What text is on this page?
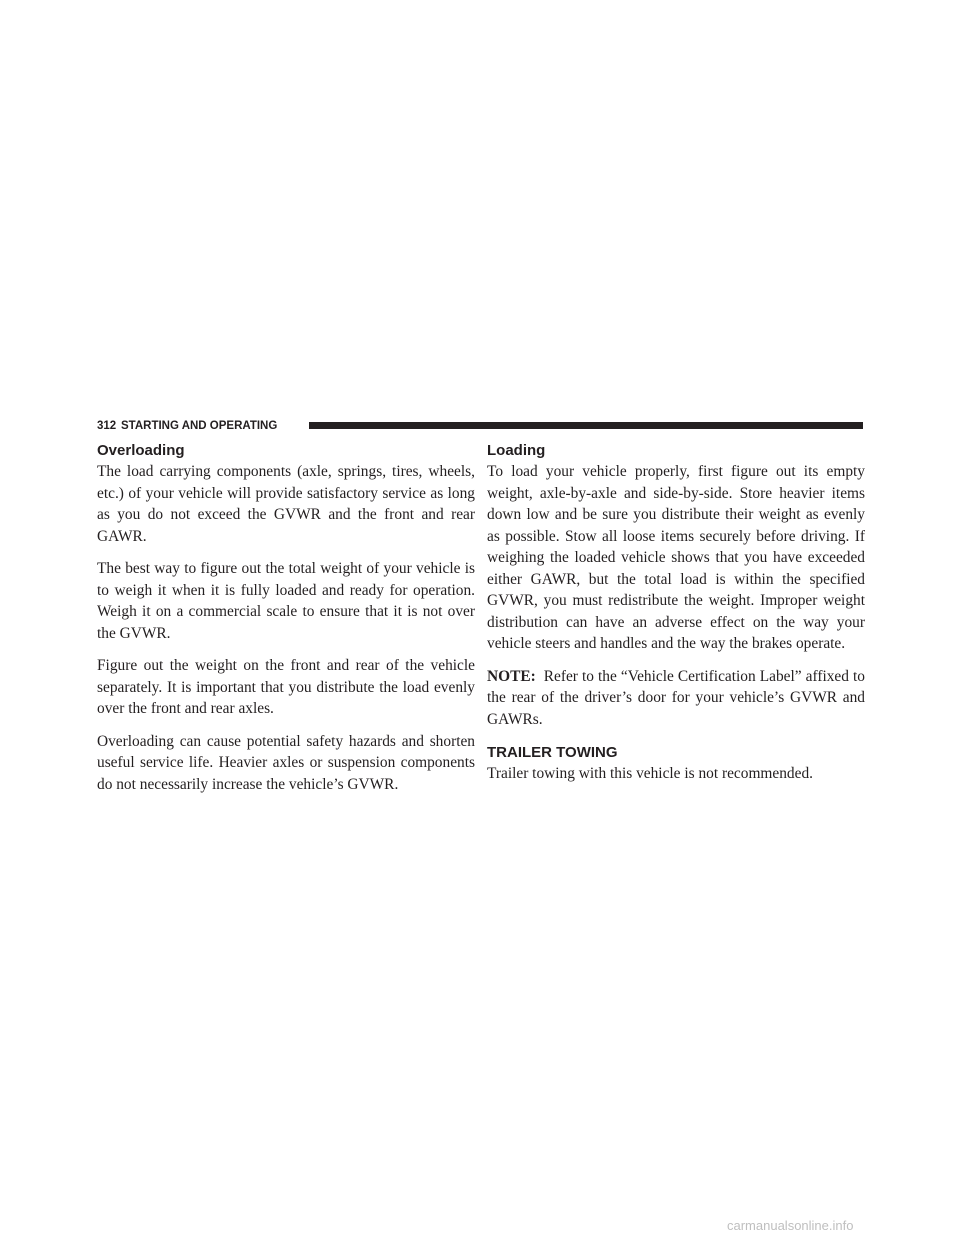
312 STARTING AND OPERATING
Overloading

The load carrying components (axle, springs, tires, wheels, etc.) of your vehicle will provide satisfactory service as long as you do not exceed the GVWR and the front and rear GAWR.

The best way to figure out the total weight of your vehicle is to weigh it when it is fully loaded and ready for operation. Weigh it on a commercial scale to ensure that it is not over the GVWR.

Figure out the weight on the front and rear of the vehicle separately. It is important that you distribute the load evenly over the front and rear axles.

Overloading can cause potential safety hazards and shorten useful service life. Heavier axles or suspension components do not necessarily increase the vehicle’s GVWR.

Loading

To load your vehicle properly, first figure out its empty weight, axle-by-axle and side-by-side. Store heavier items down low and be sure you distribute their weight as evenly as possible. Stow all loose items securely before driving. If weighing the loaded vehicle shows that you have exceeded either GAWR, but the total load is within the specified GVWR, you must redistribute the weight. Improper weight distribution can have an adverse effect on the way your vehicle steers and handles and the way the brakes operate.

NOTE: Refer to the “Vehicle Certification Label” affixed to the rear of the driver’s door for your vehicle’s GVWR and GAWRs.

TRAILER TOWING

Trailer towing with this vehicle is not recommended.

carmanualsonline.info
